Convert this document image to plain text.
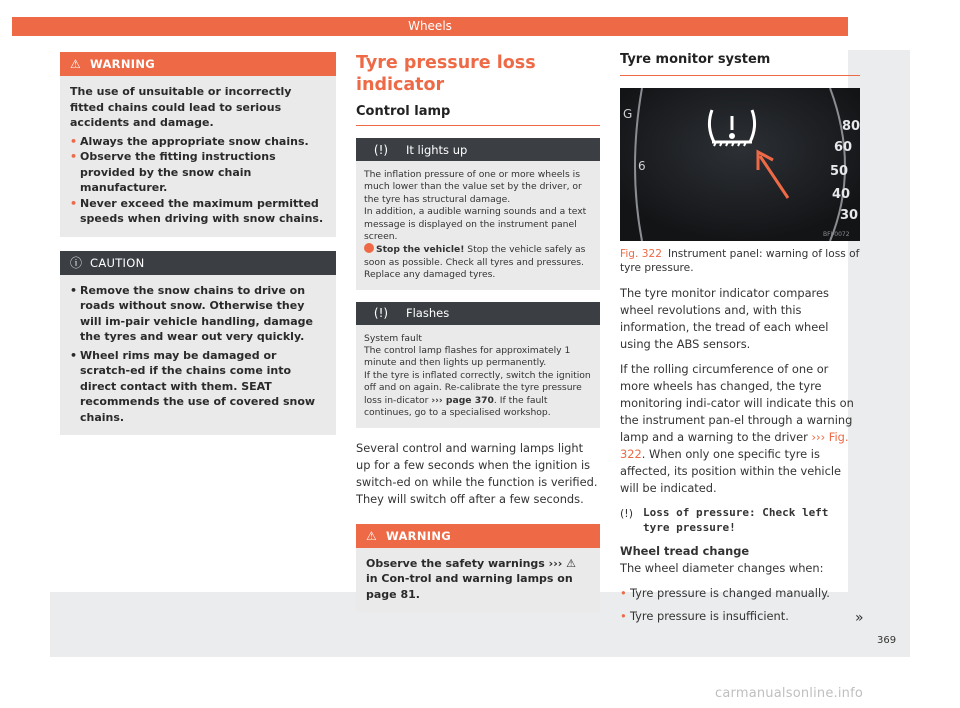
Wheels
⚠ WARNING

The use of unsuitable or incorrectly fitted chains could lead to serious accidents and damage.

• Always the appropriate snow chains.
• Observe the fitting instructions provided by the snow chain manufacturer.
• Never exceed the maximum permitted speeds when driving with snow chains.
ⓘ CAUTION
• Remove the snow chains to drive on roads without snow. Otherwise they will im-pair vehicle handling, damage the tyres and wear out very quickly.
• Wheel rims may be damaged or scratch-ed if the chains come into direct contact with them. SEAT recommends the use of covered snow chains.
Tyre pressure loss indicator
Control lamp
(!)	It lights up
The inflation pressure of one or more wheels is much lower than the value set by the driver, or the tyre has structural damage.
In addition, a audible warning sounds and a text message is displayed on the instrument panel screen.
Stop the vehicle! Stop the vehicle safely as soon as possible. Check all tyres and pressures. Replace any damaged tyres.
(!)	Flashes
System fault
The control lamp flashes for approximately 1 minute and then lights up permanently.
If the tyre is inflated correctly, switch the ignition off and on again. Re-calibrate the tyre pressure loss in-dicator ››› page 370. If the fault continues, go to a specialised workshop.
Several control and warning lamps light up for a few seconds when the ignition is switch-ed on while the function is verified. They will switch off after a few seconds.
⚠ WARNING
Observe the safety warnings ››› ⚠ in Con-trol and warning lamps on page 81.
Tyre monitor system
G
6
80
60
50
40
30
BFJ-0072
Fig. 322 Instrument panel: warning of loss of tyre pressure.

The tyre monitor indicator compares wheel revolutions and, with this information, the tread of each wheel using the ABS sensors.

If the rolling circumference of one or more wheels has changed, the tyre monitoring indi-cator will indicate this on the instrument pan-el through a warning lamp and a warning to the driver ››› Fig. 322. When only one specific tyre is affected, its position within the vehicle will be indicated.

(!) Loss of pressure: Check left tyre pressure!
Wheel tread change

The wheel diameter changes when:

• Tyre pressure is changed manually.
• Tyre pressure is insufficient.	»
369
carmanualsonline.info
